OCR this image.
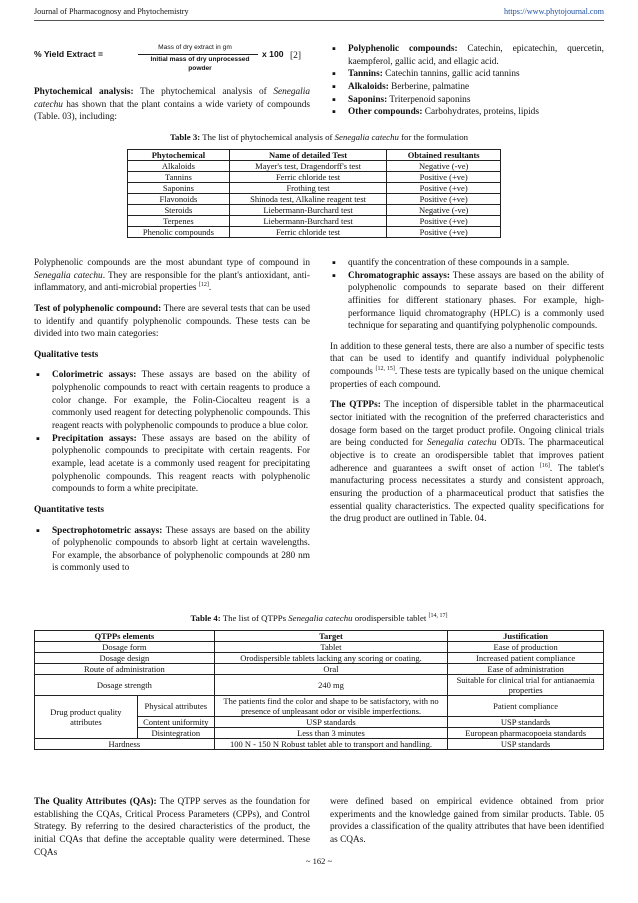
Journal of Pharmacognosy and Phytochemistry	https://www.phytojournal.com
% Yield Extract =
Mass of dry extract in gm
Initial mass of dry unprocessed powder
x 100 [2]

Phytochemical analysis: The phytochemical analysis of Senegalia catechu has shown that the plant contains a wide variety of compounds (Table. 03), including:

▪ Polyphenolic compounds: Catechin, epicatechin, quercetin, kaempferol, gallic acid, and ellagic acid.
▪ Tannins: Catechin tannins, gallic acid tannins
▪ Alkaloids: Berberine, palmatine
▪ Saponins: Triterpenoid saponins
▪ Other compounds: Carbohydrates, proteins, lipids
Table 3: The list of phytochemical analysis of Senegalia catechu for the formulation
Phytochemical	Name of detailed Test	Obtained resultants
Alkaloids	Mayer's test, Dragendorff's test	Negative (-ve)
Tannins	Ferric chloride test	Positive (+ve)
Saponins	Frothing test	Positive (+ve)
Flavonoids	Shinoda test, Alkaline reagent test	Positive (+ve)
Steroids	Liebermann-Burchard test	Negative (-ve)
Terpenes	Liebermann-Burchard test	Positive (+ve)
Phenolic compounds	Ferric chloride test	Positive (+ve)

Polyphenolic compounds are the most abundant type of compound in Senegalia catechu. They are responsible for the plant's antioxidant, anti-inflammatory, and anti-microbial properties [12].

Test of polyphenolic compound: There are several tests that can be used to identify and quantify polyphenolic compounds. These tests can be divided into two main categories:

Qualitative tests

▪ Colorimetric assays: These assays are based on the ability of polyphenolic compounds to react with certain reagents to produce a color change. For example, the Folin-Ciocalteu reagent is a commonly used reagent for detecting polyphenolic compounds. This reagent reacts with polyphenolic compounds to produce a blue color.
▪ Precipitation assays: These assays are based on the ability of polyphenolic compounds to precipitate with certain reagents. For example, lead acetate is a commonly used reagent for precipitating polyphenolic compounds. This reagent reacts with polyphenolic compounds to form a white precipitate.

Quantitative tests

▪ Spectrophotometric assays: These assays are based on the ability of polyphenolic compounds to absorb light at certain wavelengths. For example, the absorbance of polyphenolic compounds at 280 nm is commonly used to
▪ quantify the concentration of these compounds in a sample.
▪ Chromatographic assays: These assays are based on the ability of polyphenolic compounds to separate based on their different affinities for different stationary phases. For example, high-performance liquid chromatography (HPLC) is a commonly used technique for separating and quantifying polyphenolic compounds.

In addition to these general tests, there are also a number of specific tests that can be used to identify and quantify individual polyphenolic compounds [12, 15]. These tests are typically based on the unique chemical properties of each compound.

The QTPPs: The inception of dispersible tablet in the pharmaceutical sector initiated with the recognition of the preferred characteristics and dosage form based on the target product profile. Ongoing clinical trials are being conducted for Senegalia catechu ODTs. The pharmaceutical objective is to create an orodispersible tablet that improves patient adherence and guarantees a swift onset of action [16]. The tablet's manufacturing process necessitates a sturdy and consistent approach, ensuring the production of a pharmaceutical product that satisfies the essential quality characteristics. The expected quality specifications for the drug product are outlined in Table. 04.

Table 4: The list of QTPPs Senegalia catechu orodispersible tablet [14, 17]
QTPPs elements		Target	Justification
Dosage form		Tablet	Ease of production
Dosage design		Orodispersible tablets lacking any scoring or coating.	Increased patient compliance
Route of administration		Oral	Ease of administration
Dosage strength		240 mg	Suitable for clinical trial for antianaemia properties
Drug product quality attributes	Physical attributes	The patients find the color and shape to be satisfactory, with no presence of unpleasant odor or visible imperfections.	Patient compliance
	Content uniformity	USP standards	USP standards
	Disintegration	Less than 3 minutes	European pharmacopoeia standards
Hardness		100 N - 150 N Robust tablet able to transport and handling.	USP standards

The Quality Attributes (QAs): The QTPP serves as the foundation for establishing the CQAs, Critical Process Parameters (CPPs), and Control Strategy. By referring to the desired characteristics of the product, the initial CQAs that define the acceptable quality were determined. These CQAs

were defined based on empirical evidence obtained from prior experiments and the knowledge gained from similar products. Table. 05 provides a classification of the quality attributes that have been identified as CQAs.

~ 162 ~
